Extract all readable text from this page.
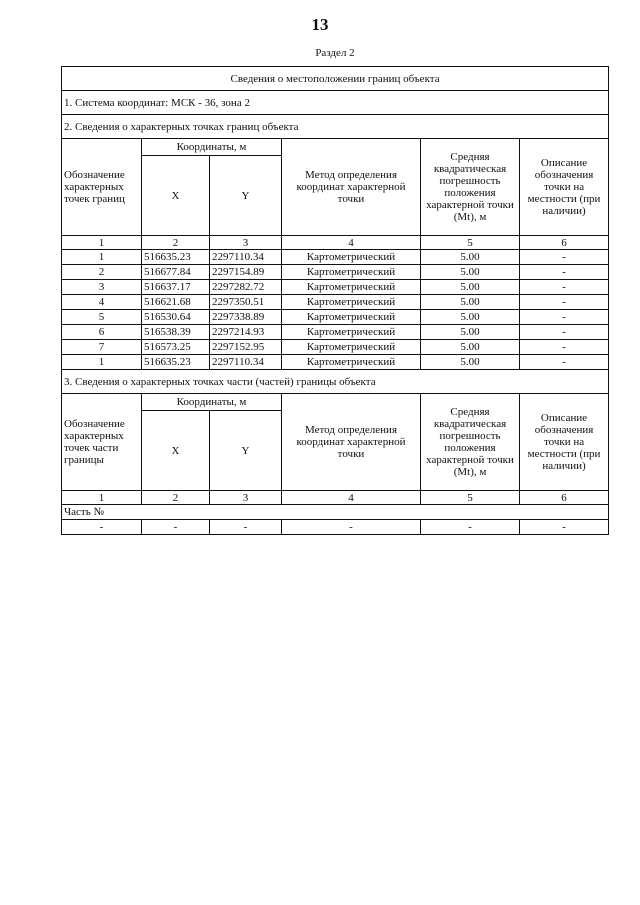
13
Раздел 2
Сведения о местоположении границ объекта					
1. Система координат: МСК - 36, зона 2					
2. Сведения о характерных точках границ объекта					
Обозначение характерных точек границ	Координаты, м		Метод определения координат характерной точки	Средняя квадратическая погрешность положения характерной точки (Mt), м	Описание обозначения точки на местности (при наличии)
	X	Y			
1	2	3	4	5	6
1	516635.23	2297110.34	Картометрический	5.00	-
2	516677.84	2297154.89	Картометрический	5.00	-
3	516637.17	2297282.72	Картометрический	5.00	-
4	516621.68	2297350.51	Картометрический	5.00	-
5	516530.64	2297338.89	Картометрический	5.00	-
6	516538.39	2297214.93	Картометрический	5.00	-
7	516573.25	2297152.95	Картометрический	5.00	-
1	516635.23	2297110.34	Картометрический	5.00	-
3. Сведения о характерных точках части (частей) границы объекта					
Обозначение характерных точек части границы	Координаты, м		Метод определения координат характерной точки	Средняя квадратическая погрешность положения характерной точки (Mt), м	Описание обозначения точки на местности (при наличии)
	X	Y			
1	2	3	4	5	6
Часть №					
-	-	-	-	-	-
